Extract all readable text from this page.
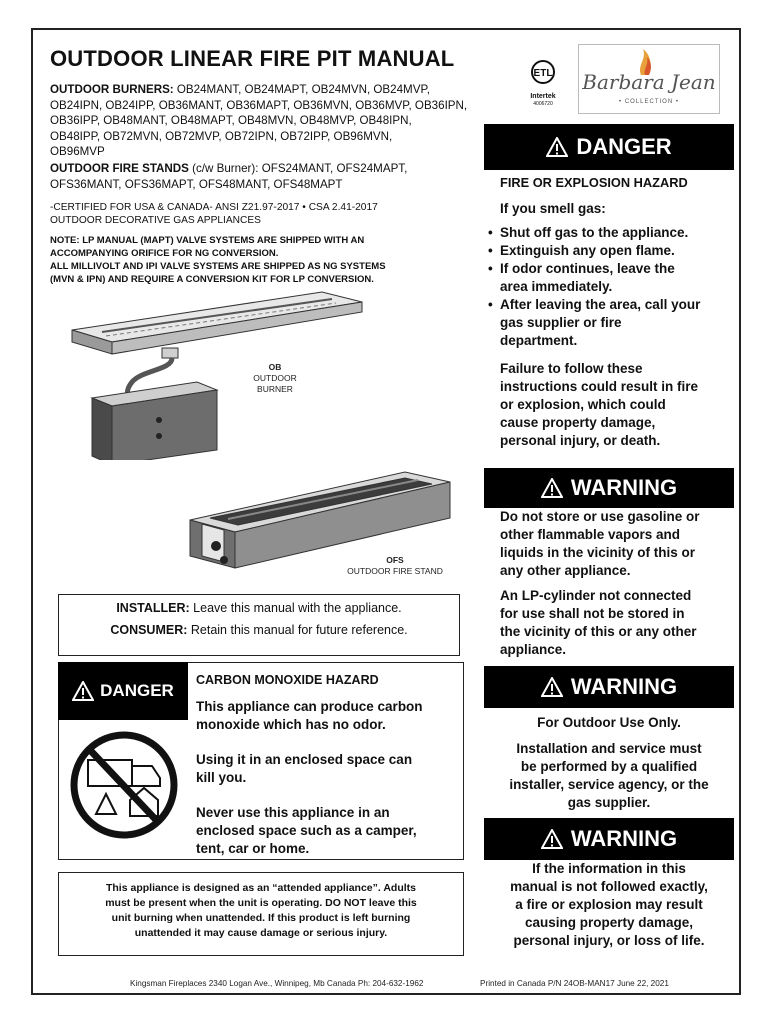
OUTDOOR LINEAR FIRE PIT MANUAL
OUTDOOR BURNERS: OB24MANT, OB24MAPT, OB24MVN, OB24MVP,
OB24IPN, OB24IPP, OB36MANT, OB36MAPT, OB36MVN, OB36MVP, OB36IPN,
OB36IPP, OB48MANT, OB48MAPT, OB48MVN, OB48MVP, OB48IPN,
OB48IPP, OB72MVN, OB72MVP, OB72IPN, OB72IPP, OB96MVN,
OB96MVP
OUTDOOR FIRE STANDS (c/w Burner): OFS24MANT, OFS24MAPT,
OFS36MANT, OFS36MAPT, OFS48MANT, OFS48MAPT
-CERTIFIED FOR USA & CANADA- ANSI Z21.97-2017 • CSA 2.41-2017
OUTDOOR DECORATIVE GAS APPLIANCES
NOTE: LP MANUAL (MAPT) VALVE SYSTEMS ARE SHIPPED WITH AN
ACCOMPANYING ORIFICE FOR NG CONVERSION.
ALL MILLIVOLT AND IPI VALVE SYSTEMS ARE SHIPPED AS NG SYSTEMS
(MVN & IPN) AND REQUIRE A CONVERSION KIT FOR LP CONVERSION.
ETL
Intertek
4006720
Barbara Jean
• COLLECTION •
OB
OUTDOOR
BURNER
OFS
OUTDOOR FIRE STAND
INSTALLER: Leave this manual with the appliance.
CONSUMER: Retain this manual for future reference.
DANGER
CARBON MONOXIDE HAZARD
This appliance can produce carbon
monoxide which has no odor.
Using it in an enclosed space can
kill you.
Never use this appliance in an
enclosed space such as a camper,
tent, car or home.
This appliance is designed as an “attended appliance”. Adults
must be present when the unit is operating. DO NOT leave this
unit burning when unattended. If this product is left burning
unattended it may cause damage or serious injury.
DANGER
FIRE OR EXPLOSION HAZARD
If you smell gas:
• Shut off gas to the appliance.
• Extinguish any open flame.
• If odor continues, leave the
area immediately.
• After leaving the area, call your
gas supplier or fire
department.
Failure to follow these
instructions could result in fire
or explosion, which could
cause property damage,
personal injury, or death.
WARNING
Do not store or use gasoline or
other flammable vapors and
liquids in the vicinity of this or
any other appliance.
An LP-cylinder not connected
for use shall not be stored in
the vicinity of this or any other
appliance.
WARNING
For Outdoor Use Only.
Installation and service must
be performed by a qualified
installer, service agency, or the
gas supplier.
WARNING
If the information in this
manual is not followed exactly,
a fire or explosion may result
causing property damage,
personal injury, or loss of life.
Kingsman Fireplaces 2340 Logan Ave., Winnipeg, Mb Canada Ph: 204-632-1962	Printed in Canada P/N 24OB-MAN17 June 22, 2021
